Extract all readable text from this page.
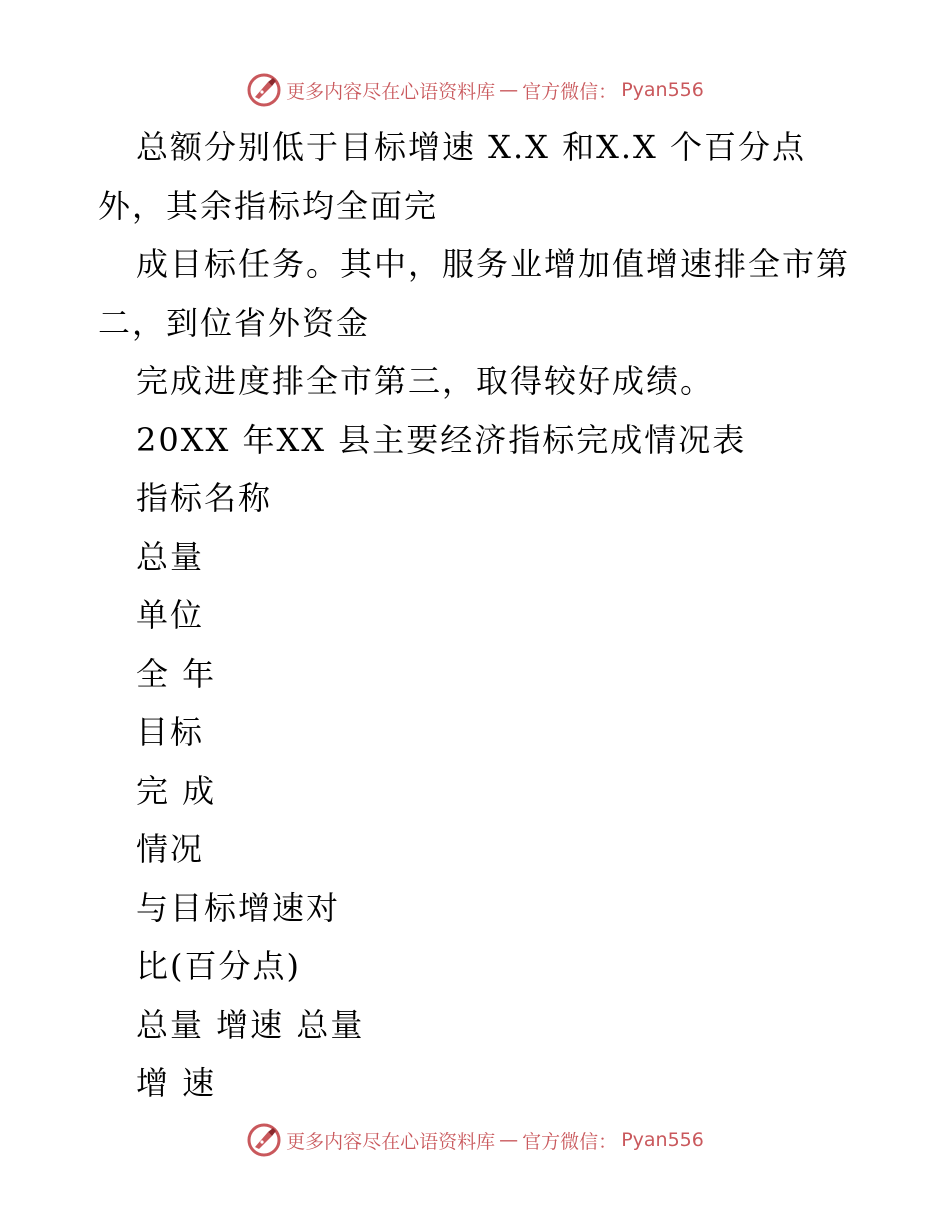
更多内容尽在心语资料库 — 官方微信： Pyan556
总额分别低于目标增速 X.X 和X.X 个百分点
外，其余指标均全面完
成目标任务。其中，服务业增加值增速排全市第
二，到位省外资金
完成进度排全市第三，取得较好成绩。
20XX 年XX 县主要经济指标完成情况表
指标名称
总量
单位
全 年
目标
完 成
情况
与目标增速对
比(百分点)
总量 增速 总量
增 速
更多内容尽在心语资料库 — 官方微信： Pyan556
